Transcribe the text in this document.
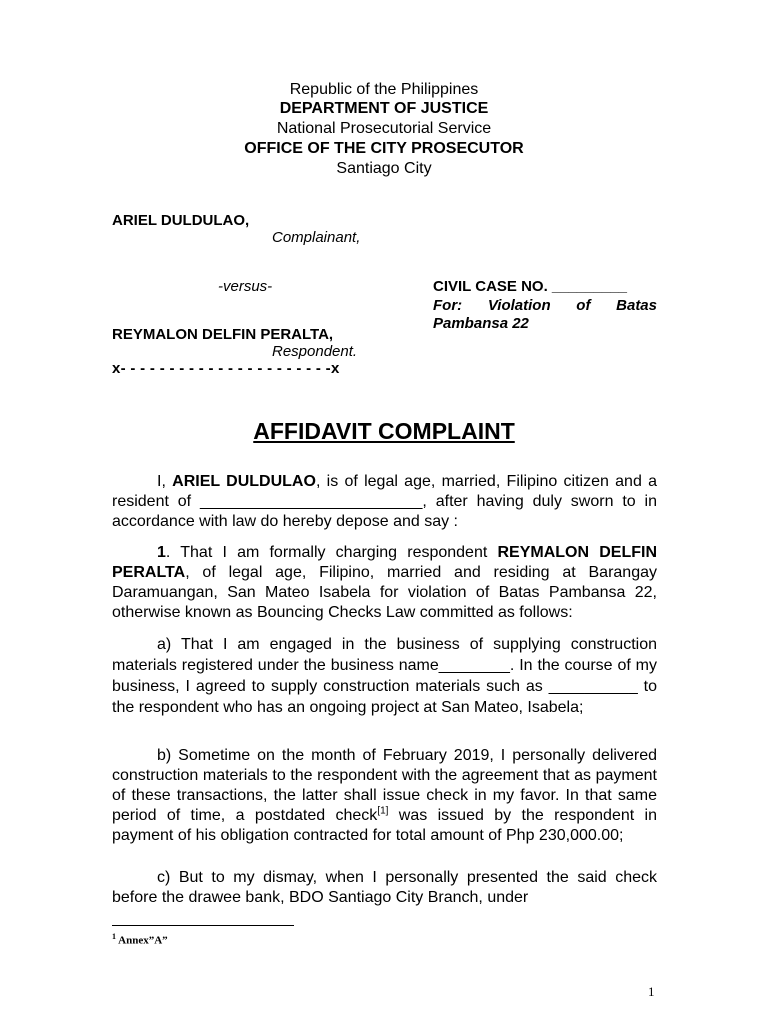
Republic of the Philippines
DEPARTMENT OF JUSTICE
National Prosecutorial Service
OFFICE OF THE CITY PROSECUTOR
Santiago City
ARIEL DULDULAO,
Complainant,
-versus-	CIVIL CASE NO. _________
For: Violation of Batas
Pambansa 22
REYMALON DELFIN PERALTA,
Respondent.
x- - - - - - - - - - - - - - - - - - - - - -x
AFFIDAVIT COMPLAINT
I, ARIEL DULDULAO, is of legal age, married, Filipino citizen and a resident of _________________________, after having duly sworn to in accordance with law do hereby depose and say :
1. That I am formally charging respondent REYMALON DELFIN PERALTA, of legal age, Filipino, married and residing at Barangay Daramuangan, San Mateo Isabela for violation of Batas Pambansa 22, otherwise known as Bouncing Checks Law committed as follows:
a) That I am engaged in the business of supplying construction materials registered under the business name________. In the course of my business, I agreed to supply construction materials such as __________ to the respondent who has an ongoing project at San Mateo, Isabela;
b) Sometime on the month of February 2019, I personally delivered construction materials to the respondent with the agreement that as payment of these transactions, the latter shall issue check in my favor. In that same period of time, a postdated check[1] was issued by the respondent in payment of his obligation contracted for total amount of Php 230,000.00;
c) But to my dismay, when I personally presented the said check before the drawee bank, BDO Santiago City Branch, under
$^1$ Annex”A”
1
